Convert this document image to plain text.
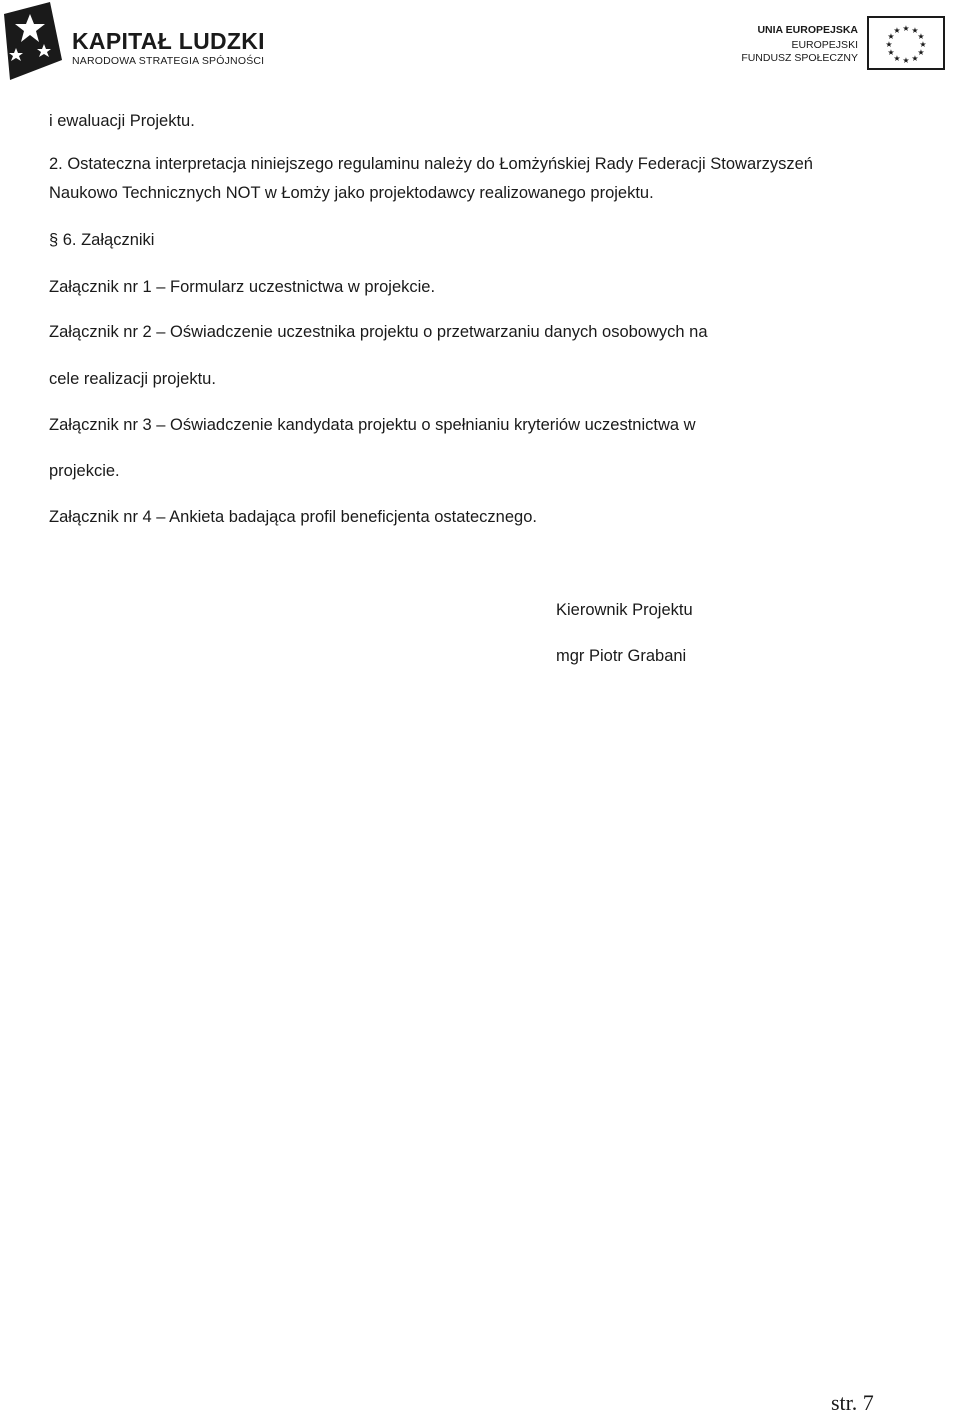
KAPITAŁ LUDZKI
NARODOWA STRATEGIA SPÓJNOŚCI
UNIA EUROPEJSKA
EUROPEJSKI
FUNDUSZ SPOŁECZNY
★ ★
★
★
★
★
★
★
★
★
★
★
i ewaluacji Projektu.
2. Ostateczna interpretacja niniejszego regulaminu należy do Łomżyńskiej Rady Federacji Stowarzyszeń
Naukowo Technicznych NOT w Łomży jako projektodawcy realizowanego projektu.
§ 6. Załączniki
Załącznik nr 1 – Formularz uczestnictwa w projekcie.
Załącznik nr 2 – Oświadczenie uczestnika projektu o przetwarzaniu danych osobowych na
cele realizacji projektu.
Załącznik nr 3 – Oświadczenie kandydata projektu o spełnianiu kryteriów uczestnictwa w
projekcie.
Załącznik nr 4 – Ankieta badająca profil beneficjenta ostatecznego.
Kierownik Projektu
mgr Piotr Grabani
str. 7
